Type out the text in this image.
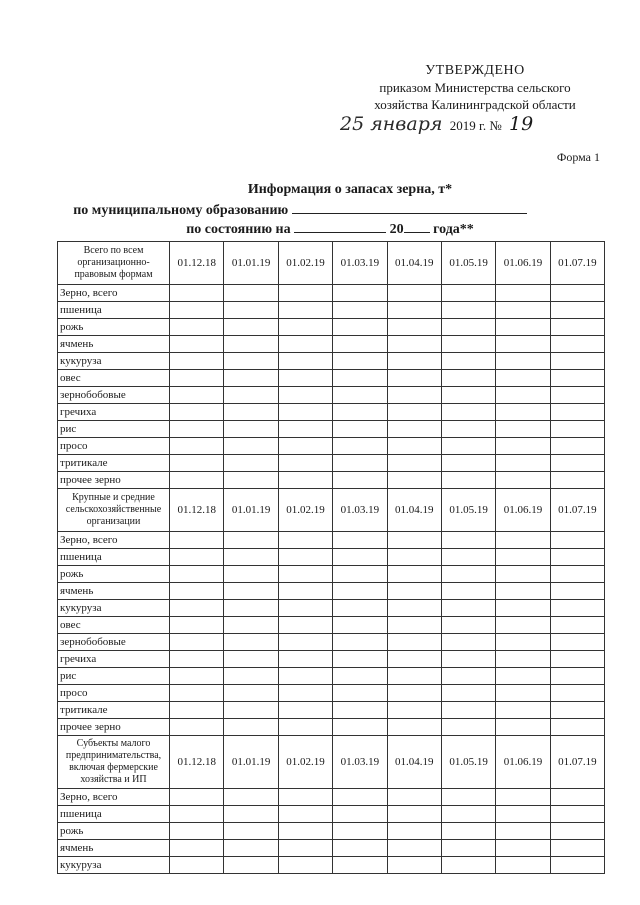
УТВЕРЖДЕНО
приказом Министерства сельского
хозяйства Калининградской области
25 января 2019 г. № 19
Форма 1
Информация о запасах зерна, т*
по муниципальному образованию
по состоянию на	20 года**
Всего по всем организационно-правовым формам	01.12.18	01.01.19	01.02.19	01.03.19	01.04.19	01.05.19	01.06.19	01.07.19
Зерно, всего								
пшеница								
рожь								
ячмень								
кукуруза								
овес								
зернобобовые								
гречиха								
рис								
просо								
тритикале								
прочее зерно								
Крупные и средние сельскохозяйственные организации	01.12.18	01.01.19	01.02.19	01.03.19	01.04.19	01.05.19	01.06.19	01.07.19
Зерно, всего								
пшеница								
рожь								
ячмень								
кукуруза								
овес								
зернобобовые								
гречиха								
рис								
просо								
тритикале								
прочее зерно								
Субъекты малого предпринимательства, включая фермерские хозяйства и ИП	01.12.18	01.01.19	01.02.19	01.03.19	01.04.19	01.05.19	01.06.19	01.07.19
Зерно, всего								
пшеница								
рожь								
ячмень								
кукуруза								
